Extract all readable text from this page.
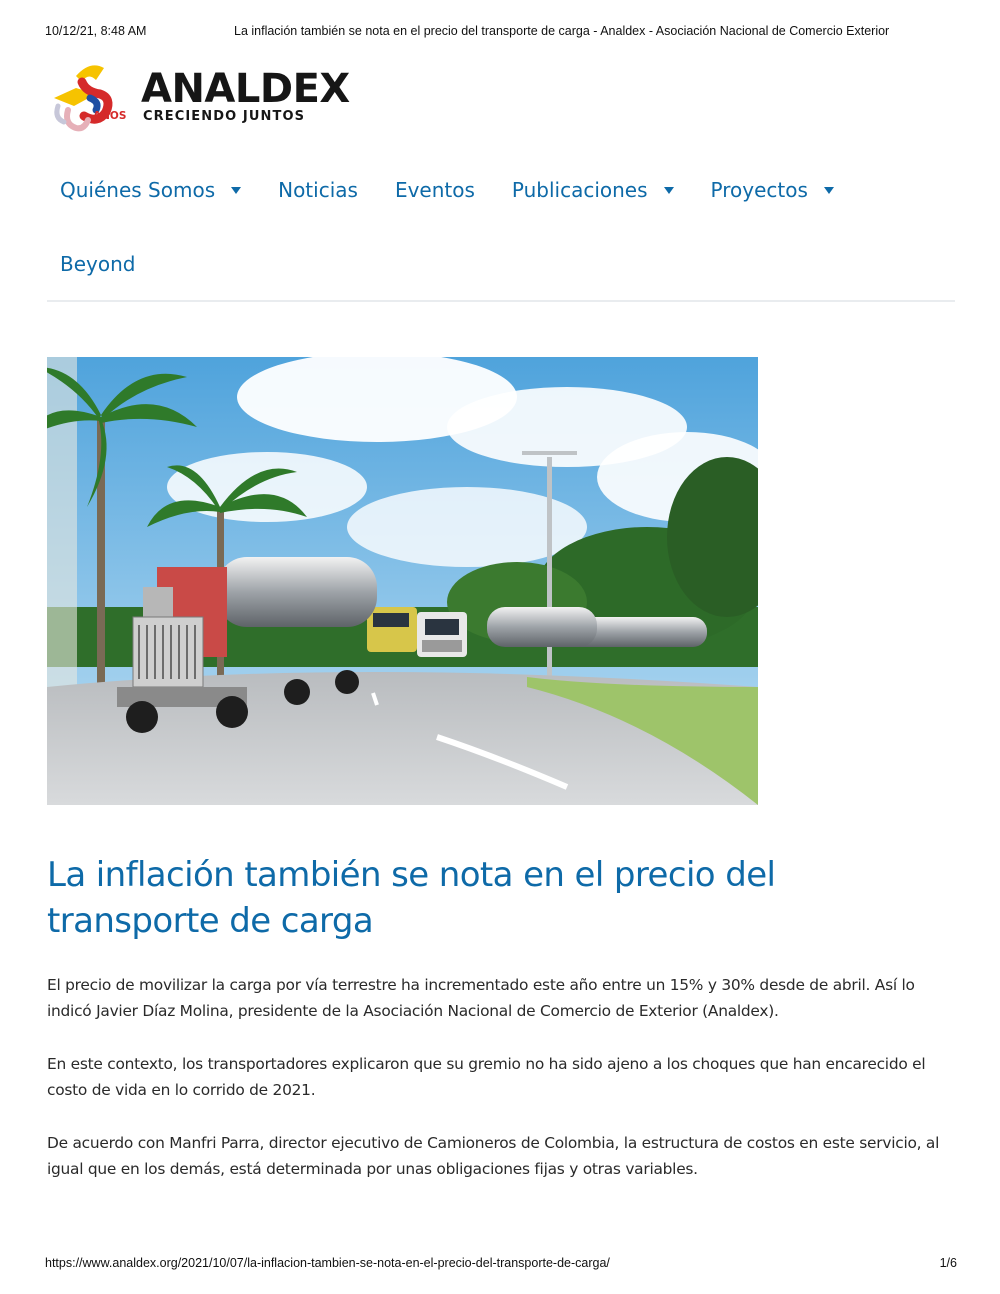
10/12/21, 8:48 AM	La inflación también se nota en el precio del transporte de carga - Analdex - Asociación Nacional de Comercio Exterior
ANALDEX
AÑOS CRECIENDO JUNTOS
Quiénes Somos	Noticias Eventos Publicaciones	Proyectos
Beyond
La inflación también se nota en el precio del transporte de carga

El precio de movilizar la carga por vía terrestre ha incrementado este año entre un 15% y 30% desde de abril. Así lo indicó Javier Díaz Molina, presidente de la Asociación Nacional de Comercio de Exterior (Analdex).

En este contexto, los transportadores explicaron que su gremio no ha sido ajeno a los choques que han encarecido el costo de vida en lo corrido de 2021.

De acuerdo con Manfri Parra, director ejecutivo de Camioneros de Colombia, la estructura de costos en este servicio, al igual que en los demás, está determinada por unas obligaciones fijas y otras variables.

https://www.analdex.org/2021/10/07/la-inflacion-tambien-se-nota-en-el-precio-del-transporte-de-carga/	1/6
